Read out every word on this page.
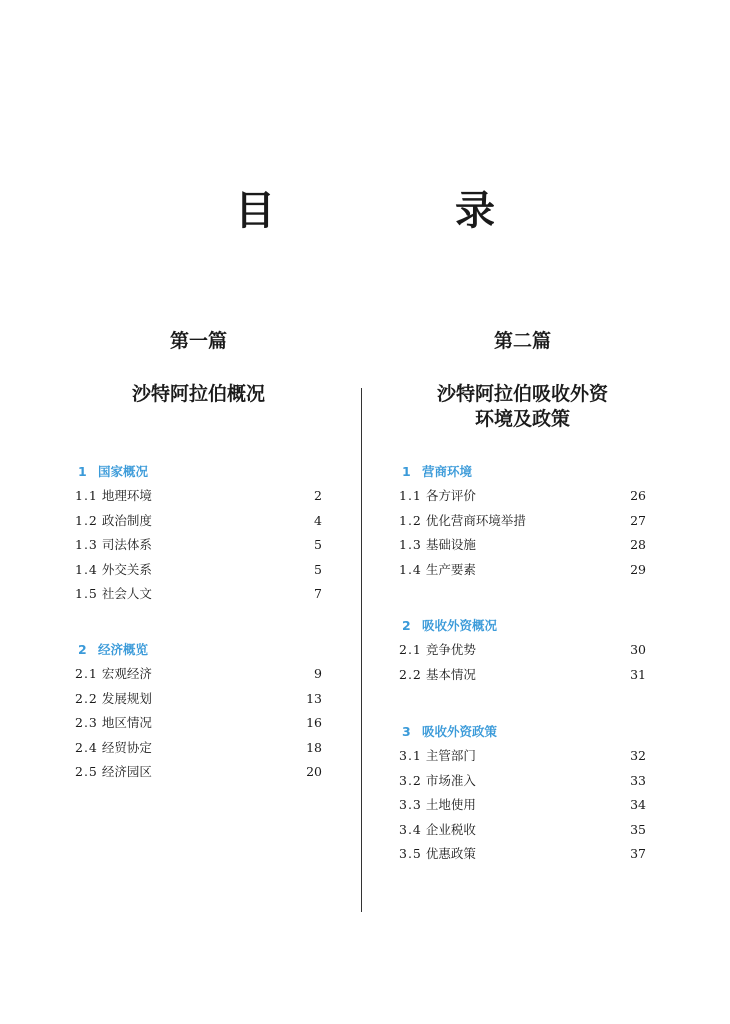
目　录
第一篇
沙特阿拉伯概况
1 国家概况
1.1 地理环境	2
1.2 政治制度	4
1.3 司法体系	5
1.4 外交关系	5
1.5 社会人文	7
2 经济概览
2.1 宏观经济	9
2.2 发展规划	13
2.3 地区情况	16
2.4 经贸协定	18
2.5 经济园区	20
第二篇
沙特阿拉伯吸收外资
环境及政策
1 营商环境
1.1 各方评价	26
1.2 优化营商环境举措	27
1.3 基础设施	28
1.4 生产要素	29
2 吸收外资概况
2.1 竞争优势	30
2.2 基本情况	31
3 吸收外资政策
3.1 主管部门	32
3.2 市场准入	33
3.3 土地使用	34
3.4 企业税收	35
3.5 优惠政策	37
